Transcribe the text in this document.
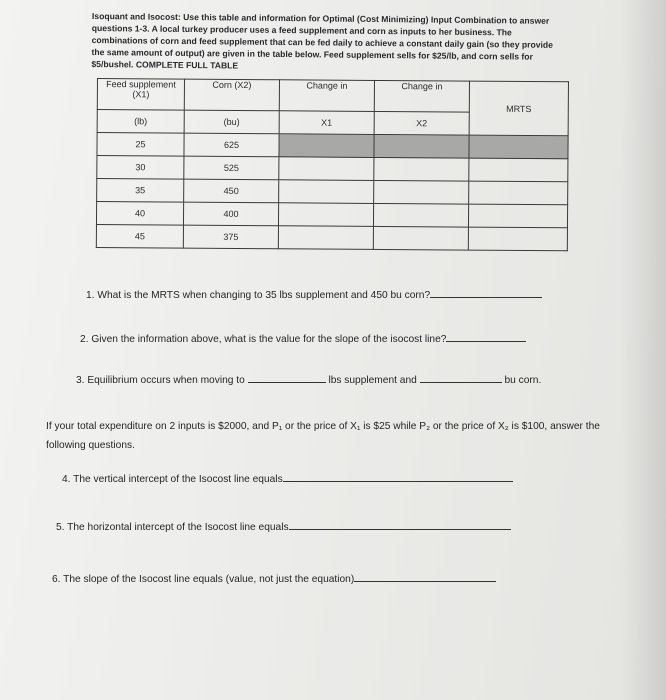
Isoquant and Isocost: Use this table and information for Optimal (Cost Minimizing) Input Combination to answer questions 1-3. A local turkey producer uses a feed supplement and corn as inputs to her business. The combinations of corn and feed supplement that can be fed daily to achieve a constant daily gain (so they provide the same amount of output) are given in the table below. Feed supplement sells for $25/lb, and corn sells for $5/bushel. COMPLETE FULL TABLE
Feed supplement (X1)	Corn (X2)	Change in	Change in	MRTS
(lb)	(bu)	X1	X2	
25	625			
30	525			
35	450			
40	400			
45	375			
1. What is the MRTS when changing to 35 lbs supplement and 450 bu corn?
2. Given the information above, what is the value for the slope of the isocost line?
3. Equilibrium occurs when moving to	lbs supplement and	bu corn.
If your total expenditure on 2 inputs is $2000, and P₁ or the price of X₁ is $25 while P₂ or the price of X₂ is $100, answer the following questions.
4. The vertical intercept of the Isocost line equals
5. The horizontal intercept of the Isocost line equals
6. The slope of the Isocost line equals (value, not just the equation)
